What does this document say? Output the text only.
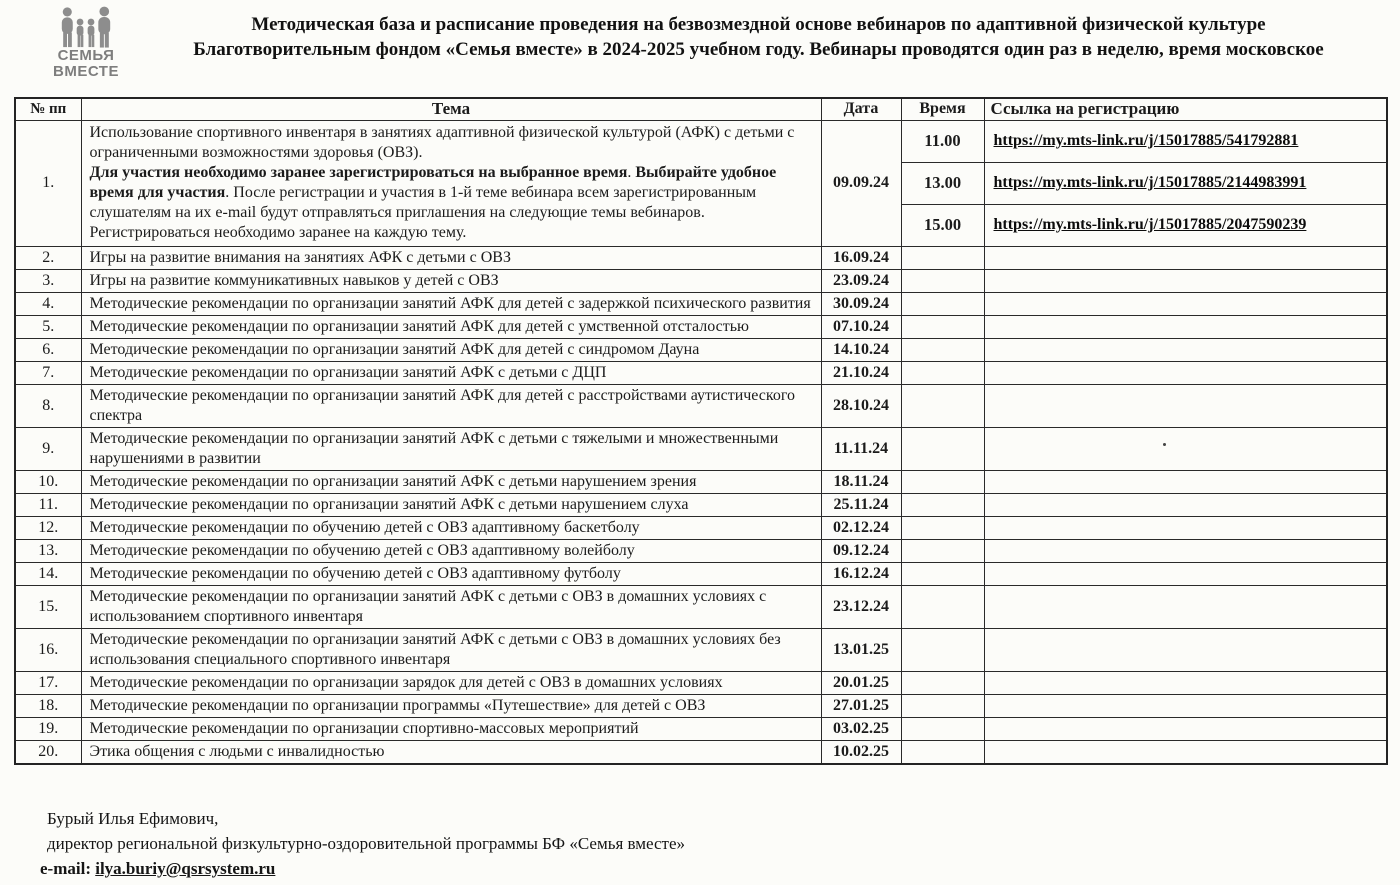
СЕМЬЯ
ВМЕСТЕ
Методическая база и расписание проведения на безвозмездной основе вебинаров по адаптивной физической культуре
Благотворительным фондом «Семья вместе» в 2024-2025 учебном году. Вебинары проводятся один раз в неделю, время московское
№ пп	Тема	Дата	Время	Ссылка на регистрацию
1.	Использование спортивного инвентаря в занятиях адаптивной физической культурой (АФК) с детьми с ограниченными возможностями здоровья (ОВЗ).
Для участия необходимо заранее зарегистрироваться на выбранное время. Выбирайте удобное время для участия. После регистрации и участия в 1-й теме вебинара всем зарегистрированным слушателям на их e-mail будут отправляться приглашения на следующие темы вебинаров. Регистрироваться необходимо заранее на каждую тему.	09.09.24	11.00	https://my.mts-link.ru/j/15017885/541792881
			13.00	https://my.mts-link.ru/j/15017885/2144983991
			15.00	https://my.mts-link.ru/j/15017885/2047590239
2.	Игры на развитие внимания на занятиях АФК с детьми с ОВЗ	16.09.24		
3.	Игры на развитие коммуникативных навыков у детей с ОВЗ	23.09.24		
4.	Методические рекомендации по организации занятий АФК для детей с задержкой психического развития	30.09.24		
5.	Методические рекомендации по организации занятий АФК для детей с умственной отсталостью	07.10.24		
6.	Методические рекомендации по организации занятий АФК для детей с синдромом Дауна	14.10.24		
7.	Методические рекомендации по организации занятий АФК с детьми с ДЦП	21.10.24		
8.	Методические рекомендации по организации занятий АФК для детей с расстройствами аутистического спектра	28.10.24		
9.	Методические рекомендации по организации занятий АФК с детьми с тяжелыми и множественными нарушениями в развитии	11.11.24		
10.	Методические рекомендации по организации занятий АФК с детьми нарушением зрения	18.11.24		
11.	Методические рекомендации по организации занятий АФК с детьми нарушением слуха	25.11.24		
12.	Методические рекомендации по обучению детей с ОВЗ адаптивному баскетболу	02.12.24		
13.	Методические рекомендации по обучению детей с ОВЗ адаптивному волейболу	09.12.24		
14.	Методические рекомендации по обучению детей с ОВЗ адаптивному футболу	16.12.24		
15.	Методические рекомендации по организации занятий АФК с детьми с ОВЗ в домашних условиях с использованием спортивного инвентаря	23.12.24		
16.	Методические рекомендации по организации занятий АФК с детьми с ОВЗ в домашних условиях без использования специального спортивного инвентаря	13.01.25		
17.	Методические рекомендации по организации зарядок для детей с ОВЗ в домашних условиях	20.01.25		
18.	Методические рекомендации по организации программы «Путешествие» для детей с ОВЗ	27.01.25		
19.	Методические рекомендации по организации спортивно-массовых мероприятий	03.02.25		
20.	Этика общения с людьми с инвалидностью	10.02.25		
Бурый Илья Ефимович,
директор региональной физкультурно-оздоровительной программы БФ «Семья вместе»
e-mail: ilya.buriy@qsrsystem.ru
